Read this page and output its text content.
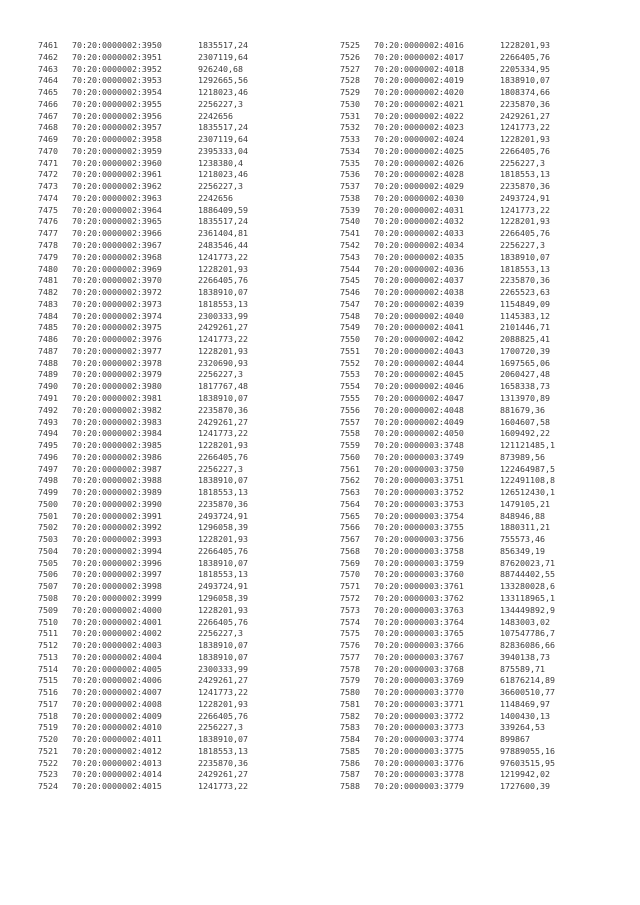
7461 70:20:0000002:3950	1835517,24
7462 70:20:0000002:3951	2307119,64
7463 70:20:0000002:3952	926240,68
7464 70:20:0000002:3953	1292665,56
7465 70:20:0000002:3954	1218023,46
7466 70:20:0000002:3955	2256227,3
7467 70:20:0000002:3956	2242656
7468 70:20:0000002:3957	1835517,24
7469 70:20:0000002:3958	2307119,64
7470 70:20:0000002:3959	2395333,04
7471 70:20:0000002:3960	1238380,4
7472 70:20:0000002:3961	1218023,46
7473 70:20:0000002:3962	2256227,3
7474 70:20:0000002:3963	2242656
7475 70:20:0000002:3964	1886409,59
7476 70:20:0000002:3965	1835517,24
7477 70:20:0000002:3966	2361404,81
7478 70:20:0000002:3967	2483546,44
7479 70:20:0000002:3968	1241773,22
7480 70:20:0000002:3969	1228201,93
7481 70:20:0000002:3970	2266405,76
7482 70:20:0000002:3972	1838910,07
7483 70:20:0000002:3973	1818553,13
7484 70:20:0000002:3974	2300333,99
7485 70:20:0000002:3975	2429261,27
7486 70:20:0000002:3976	1241773,22
7487 70:20:0000002:3977	1228201,93
7488 70:20:0000002:3978	2320690,93
7489 70:20:0000002:3979	2256227,3
7490 70:20:0000002:3980	1817767,48
7491 70:20:0000002:3981	1838910,07
7492 70:20:0000002:3982	2235870,36
7493 70:20:0000002:3983	2429261,27
7494 70:20:0000002:3984	1241773,22
7495 70:20:0000002:3985	1228201,93
7496 70:20:0000002:3986	2266405,76
7497 70:20:0000002:3987	2256227,3
7498 70:20:0000002:3988	1838910,07
7499 70:20:0000002:3989	1818553,13
7500 70:20:0000002:3990	2235870,36
7501 70:20:0000002:3991	2493724,91
7502 70:20:0000002:3992	1296058,39
7503 70:20:0000002:3993	1228201,93
7504 70:20:0000002:3994	2266405,76
7505 70:20:0000002:3996	1838910,07
7506 70:20:0000002:3997	1818553,13
7507 70:20:0000002:3998	2493724,91
7508 70:20:0000002:3999	1296058,39
7509 70:20:0000002:4000	1228201,93
7510 70:20:0000002:4001	2266405,76
7511 70:20:0000002:4002	2256227,3
7512 70:20:0000002:4003	1838910,07
7513 70:20:0000002:4004	1838910,07
7514 70:20:0000002:4005	2300333,99
7515 70:20:0000002:4006	2429261,27
7516 70:20:0000002:4007	1241773,22
7517 70:20:0000002:4008	1228201,93
7518 70:20:0000002:4009	2266405,76
7519 70:20:0000002:4010	2256227,3
7520 70:20:0000002:4011	1838910,07
7521 70:20:0000002:4012	1818553,13
7522 70:20:0000002:4013	2235870,36
7523 70:20:0000002:4014	2429261,27
7524 70:20:0000002:4015	1241773,22
7525 70:20:0000002:4016	1228201,93
7526 70:20:0000002:4017	2266405,76
7527 70:20:0000002:4018	2205334,95
7528 70:20:0000002:4019	1838910,07
7529 70:20:0000002:4020	1808374,66
7530 70:20:0000002:4021	2235870,36
7531 70:20:0000002:4022	2429261,27
7532 70:20:0000002:4023	1241773,22
7533 70:20:0000002:4024	1228201,93
7534 70:20:0000002:4025	2266405,76
7535 70:20:0000002:4026	2256227,3
7536 70:20:0000002:4028	1818553,13
7537 70:20:0000002:4029	2235870,36
7538 70:20:0000002:4030	2493724,91
7539 70:20:0000002:4031	1241773,22
7540 70:20:0000002:4032	1228201,93
7541 70:20:0000002:4033	2266405,76
7542 70:20:0000002:4034	2256227,3
7543 70:20:0000002:4035	1838910,07
7544 70:20:0000002:4036	1818553,13
7545 70:20:0000002:4037	2235870,36
7546 70:20:0000002:4038	2265523,63
7547 70:20:0000002:4039	1154849,09
7548 70:20:0000002:4040	1145383,12
7549 70:20:0000002:4041	2101446,71
7550 70:20:0000002:4042	2088825,41
7551 70:20:0000002:4043	1700720,39
7552 70:20:0000002:4044	1697565,06
7553 70:20:0000002:4045	2060427,48
7554 70:20:0000002:4046	1658338,73
7555 70:20:0000002:4047	1313970,89
7556 70:20:0000002:4048	881679,36
7557 70:20:0000002:4049	1604607,58
7558 70:20:0000002:4050	1609492,22
7559 70:20:0000003:3748	121121485,1
7560 70:20:0000003:3749	873989,56
7561 70:20:0000003:3750	122464987,5
7562 70:20:0000003:3751	122491108,8
7563 70:20:0000003:3752	126512430,1
7564 70:20:0000003:3753	1479105,21
7565 70:20:0000003:3754	848946,88
7566 70:20:0000003:3755	1880311,21
7567 70:20:0000003:3756	755573,46
7568 70:20:0000003:3758	856349,19
7569 70:20:0000003:3759	87620023,71
7570 70:20:0000003:3760	88744402,55
7571 70:20:0000003:3761	133280028,6
7572 70:20:0000003:3762	133118965,1
7573 70:20:0000003:3763	134449892,9
7574 70:20:0000003:3764	1483003,02
7575 70:20:0000003:3765	107547786,7
7576 70:20:0000003:3766	82836086,66
7577 70:20:0000003:3767	3940138,73
7578 70:20:0000003:3768	875589,71
7579 70:20:0000003:3769	61876214,89
7580 70:20:0000003:3770	36600510,77
7581 70:20:0000003:3771	1148469,97
7582 70:20:0000003:3772	1400430,13
7583 70:20:0000003:3773	339264,53
7584 70:20:0000003:3774	899867
7585 70:20:0000003:3775	97889055,16
7586 70:20:0000003:3776	97603515,95
7587 70:20:0000003:3778	1219942,02
7588 70:20:0000003:3779	1727600,39
